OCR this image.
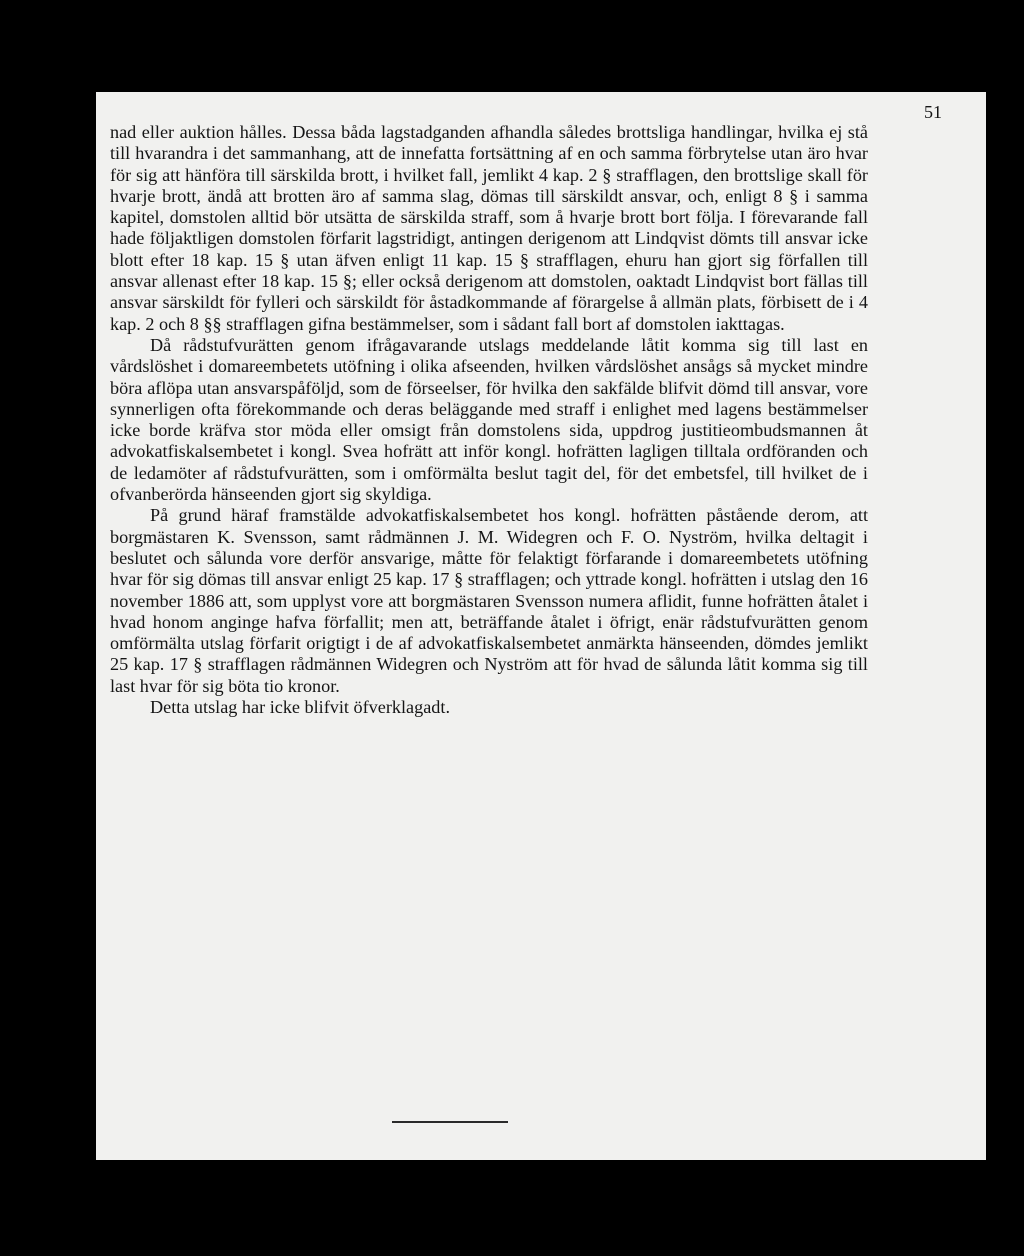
51

nad eller auktion hålles. Dessa båda lagstadganden afhandla således brottsliga handlingar, hvilka ej stå till hvarandra i det sammanhang, att de innefatta fortsättning af en och samma förbrytelse utan äro hvar för sig att hänföra till särskilda brott, i hvilket fall, jemlikt 4 kap. 2 § strafflagen, den brottslige skall för hvarje brott, ändå att brotten äro af samma slag, dömas till särskildt ansvar, och, enligt 8 § i samma kapitel, domstolen alltid bör utsätta de särskilda straff, som å hvarje brott bort följa. I förevarande fall hade följaktligen domstolen förfarit lagstridigt, antingen derigenom att Lindqvist dömts till ansvar icke blott efter 18 kap. 15 § utan äfven enligt 11 kap. 15 § strafflagen, ehuru han gjort sig förfallen till ansvar allenast efter 18 kap. 15 §; eller också derigenom att domstolen, oaktadt Lindqvist bort fällas till ansvar särskildt för fylleri och särskildt för åstadkommande af förargelse å allmän plats, förbisett de i 4 kap. 2 och 8 §§ strafflagen gifna bestämmelser, som i sådant fall bort af domstolen iakttagas.

Då rådstufvurätten genom ifrågavarande utslags meddelande låtit komma sig till last en vårdslöshet i domareembetets utöfning i olika afseenden, hvilken vårdslöshet ansågs så mycket mindre böra aflöpa utan ansvarspåföljd, som de förseelser, för hvilka den sakfälde blifvit dömd till ansvar, vore synnerligen ofta förekommande och deras beläggande med straff i enlighet med lagens bestämmelser icke borde kräfva stor möda eller omsigt från domstolens sida, uppdrog justitieombudsmannen åt advokatfiskalsembetet i kongl. Svea hofrätt att inför kongl. hofrätten lagligen tilltala ordföranden och de ledamöter af rådstufvurätten, som i omförmälta beslut tagit del, för det embetsfel, till hvilket de i ofvanberörda hänseenden gjort sig skyldiga.

På grund häraf framstälde advokatfiskalsembetet hos kongl. hofrätten påstående derom, att borgmästaren K. Svensson, samt rådmännen J. M. Widegren och F. O. Nyström, hvilka deltagit i beslutet och sålunda vore derför ansvarige, måtte för felaktigt förfarande i domareembetets utöfning hvar för sig dömas till ansvar enligt 25 kap. 17 § strafflagen; och yttrade kongl. hofrätten i utslag den 16 november 1886 att, som upplyst vore att borgmästaren Svensson numera aflidit, funne hofrätten åtalet i hvad honom anginge hafva förfallit; men att, beträffande åtalet i öfrigt, enär rådstufvurätten genom omförmälta utslag förfarit origtigt i de af advokatfiskalsembetet anmärkta hänseenden, dömdes jemlikt 25 kap. 17 § strafflagen rådmännen Widegren och Nyström att för hvad de sålunda låtit komma sig till last hvar för sig böta tio kronor.

Detta utslag har icke blifvit öfverklagadt.
